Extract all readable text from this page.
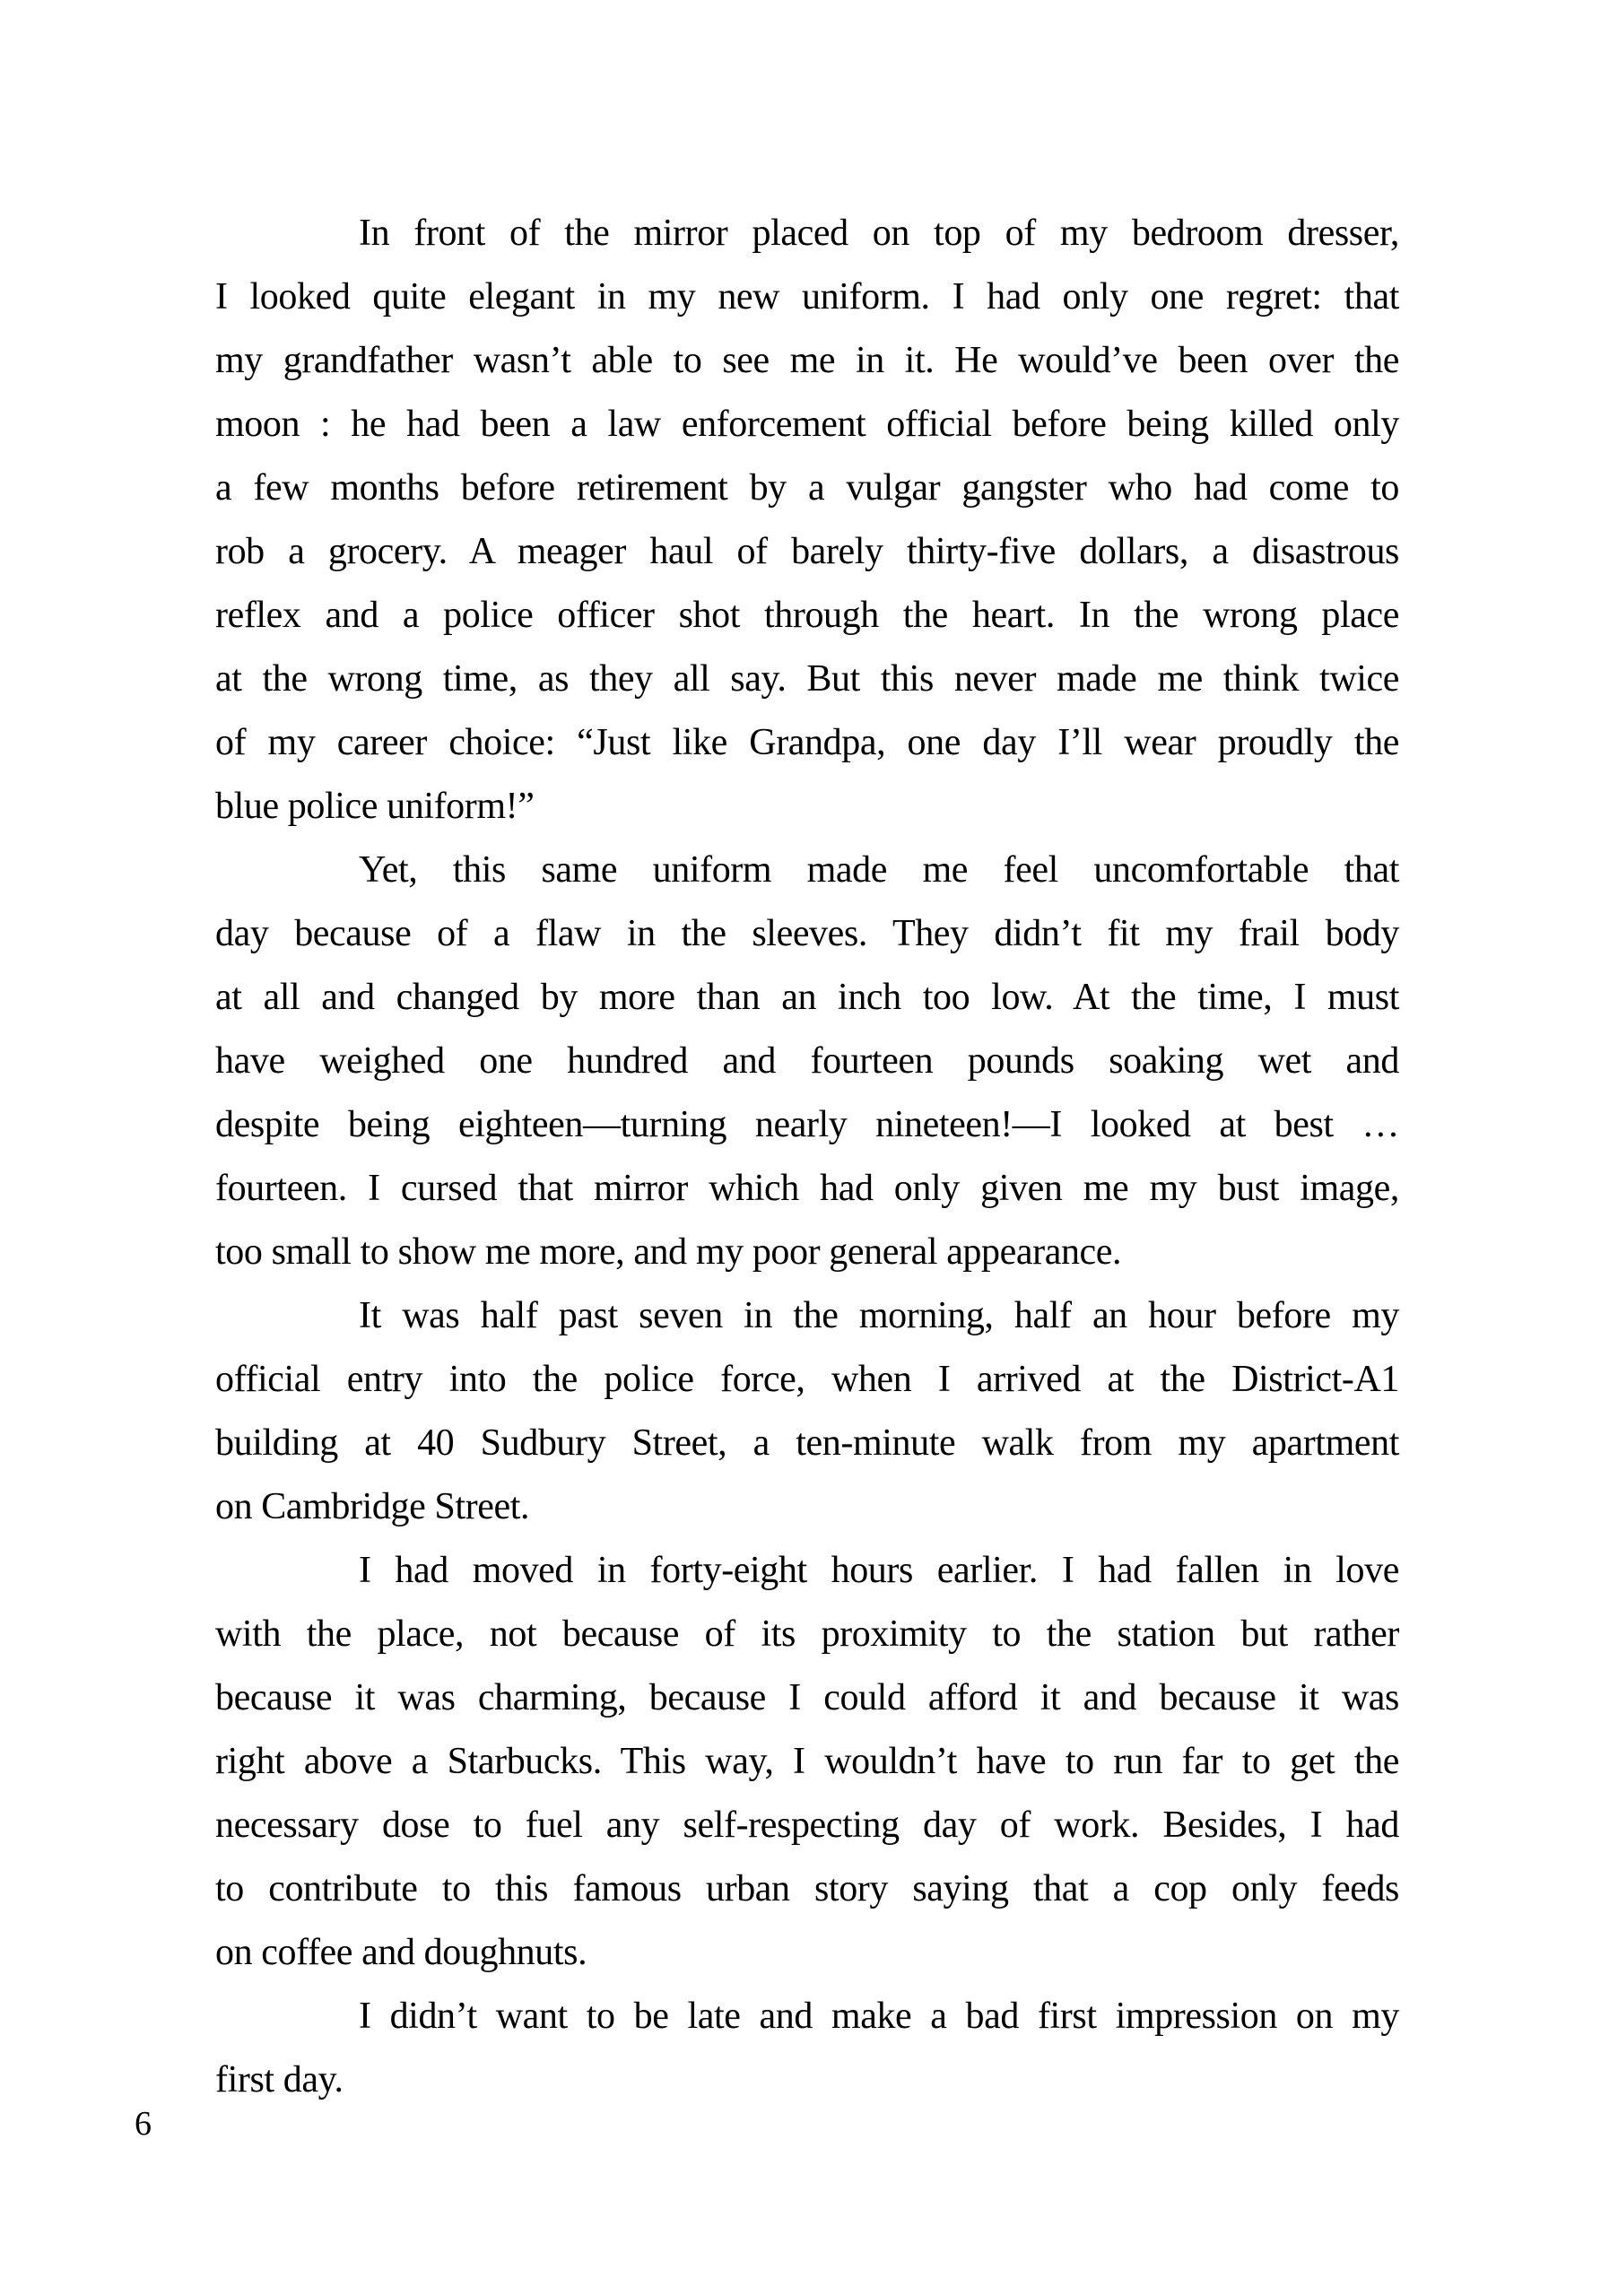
In front of the mirror placed on top of my bedroom dresser,
I looked quite elegant in my new uniform. I had only one regret: that
my grandfather wasn’t able to see me in it. He would’ve been over the
moon : he had been a law enforcement official before being killed only
a few months before retirement by a vulgar gangster who had come to
rob a grocery. A meager haul of barely thirty-five dollars, a disastrous
reflex and a police officer shot through the heart. In the wrong place
at the wrong time, as they all say. But this never made me think twice
of my career choice: “Just like Grandpa, one day I’ll wear proudly the
blue police uniform!”
Yet, this same uniform made me feel uncomfortable that
day because of a flaw in the sleeves. They didn’t fit my frail body
at all and changed by more than an inch too low. At the time, I must
have weighed one hundred and fourteen pounds soaking wet and
despite being eighteen—turning nearly nineteen!—I looked at best …
fourteen. I cursed that mirror which had only given me my bust image,
too small to show me more, and my poor general appearance.
It was half past seven in the morning, half an hour before my
official entry into the police force, when I arrived at the District-A1
building at 40 Sudbury Street, a ten-minute walk from my apartment
on Cambridge Street.
I had moved in forty-eight hours earlier. I had fallen in love
with the place, not because of its proximity to the station but rather
because it was charming, because I could afford it and because it was
right above a Starbucks. This way, I wouldn’t have to run far to get the
necessary dose to fuel any self-respecting day of work. Besides, I had
to contribute to this famous urban story saying that a cop only feeds
on coffee and doughnuts.
I didn’t want to be late and make a bad first impression on my
first day.
6
